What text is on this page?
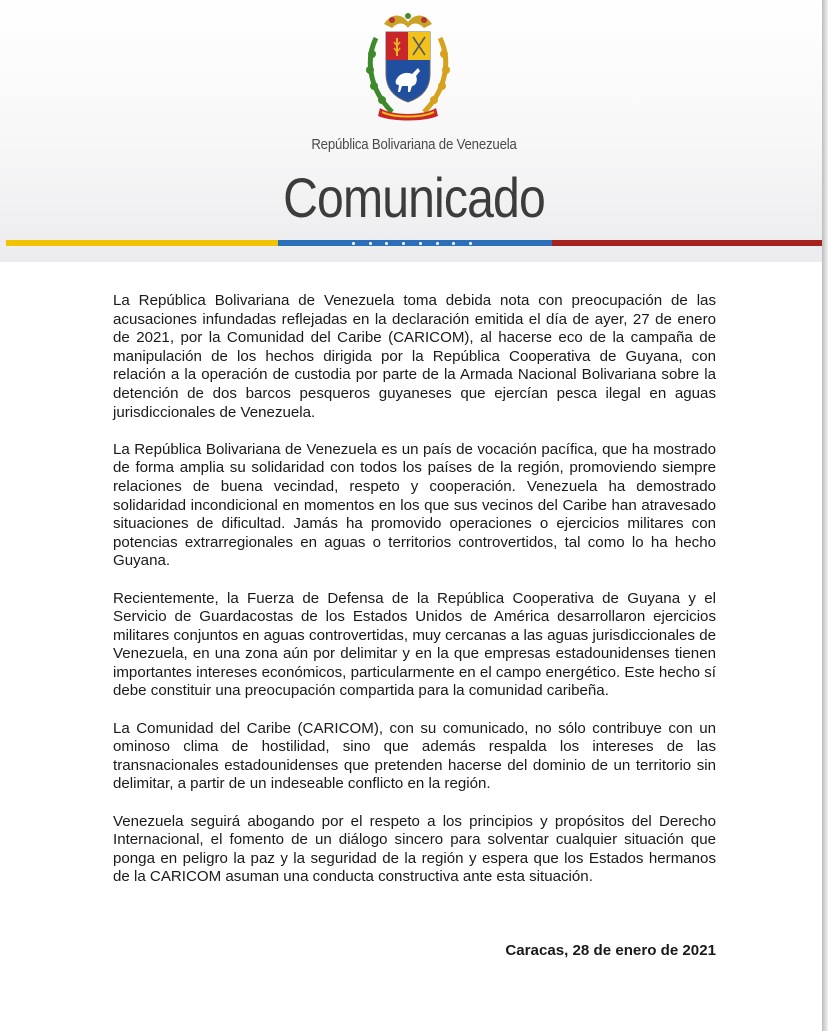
República Bolivariana de Venezuela
Comunicado

La República Bolivariana de Venezuela toma debida nota con preocupación de las acusaciones infundadas reflejadas en la declaración emitida el día de ayer, 27 de enero de 2021, por la Comunidad del Caribe (CARICOM), al hacerse eco de la campaña de manipulación de los hechos dirigida por la República Cooperativa de Guyana, con relación a la operación de custodia por parte de la Armada Nacional Bolivariana sobre la detención de dos barcos pesqueros guyaneses que ejercían pesca ilegal en aguas jurisdiccionales de Venezuela.

La República Bolivariana de Venezuela es un país de vocación pacífica, que ha mostrado de forma amplia su solidaridad con todos los países de la región, promoviendo siempre relaciones de buena vecindad, respeto y cooperación. Venezuela ha demostrado solidaridad incondicional en momentos en los que sus vecinos del Caribe han atravesado situaciones de dificultad. Jamás ha promovido operaciones o ejercicios militares con potencias extrarregionales en aguas o territorios controvertidos, tal como lo ha hecho Guyana.

Recientemente, la Fuerza de Defensa de la República Cooperativa de Guyana y el Servicio de Guardacostas de los Estados Unidos de América desarrollaron ejercicios militares conjuntos en aguas controvertidas, muy cercanas a las aguas jurisdiccionales de Venezuela, en una zona aún por delimitar y en la que empresas estadounidenses tienen importantes intereses económicos, particularmente en el campo energético. Este hecho sí debe constituir una preocupación compartida para la comunidad caribeña.

La Comunidad del Caribe (CARICOM), con su comunicado, no sólo contribuye con un ominoso clima de hostilidad, sino que además respalda los intereses de las transnacionales estadounidenses que pretenden hacerse del dominio de un territorio sin delimitar, a partir de un indeseable conflicto en la región.

Venezuela seguirá abogando por el respeto a los principios y propósitos del Derecho Internacional, el fomento de un diálogo sincero para solventar cualquier situación que ponga en peligro la paz y la seguridad de la región y espera que los Estados hermanos de la CARICOM asuman una conducta constructiva ante esta situación.

Caracas, 28 de enero de 2021
